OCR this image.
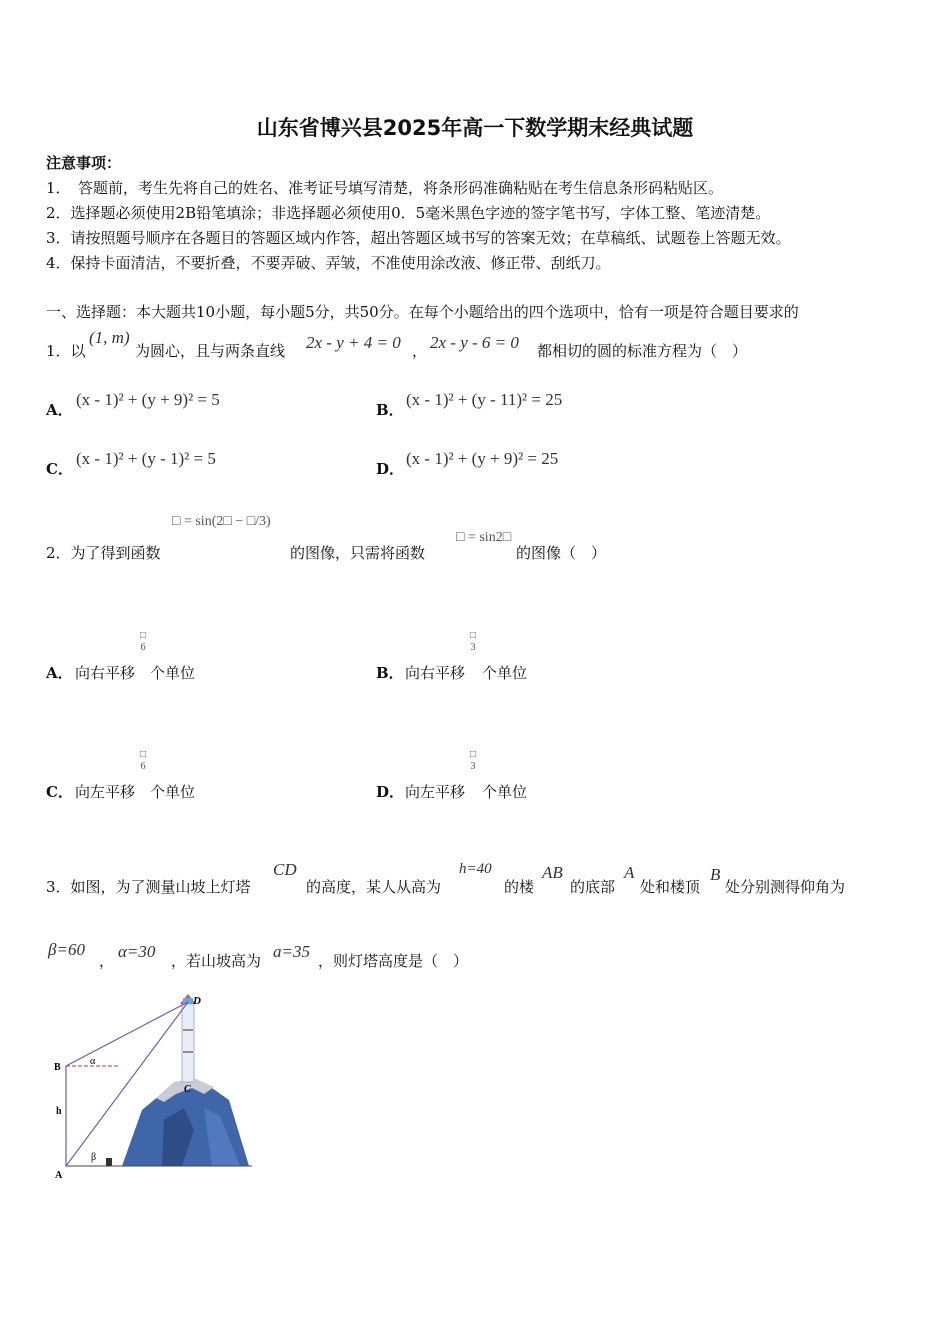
山东省博兴县2025年高一下数学期末经典试题
注意事项：
1．　答题前，考生先将自己的姓名、准考证号填写清楚，将条形码准确粘贴在考生信息条形码粘贴区。
2．选择题必须使用2B铅笔填涂；非选择题必须使用0．5毫米黑色字迹的签字笔书写，字体工整、笔迹清楚。
3．请按照题号顺序在各题目的答题区域内作答，超出答题区域书写的答案无效；在草稿纸、试题卷上答题无效。
4．保持卡面清洁，不要折叠，不要弄破、弄皱，不准使用涂改液、修正带、刮纸刀。
一、选择题：本大题共10小题，每小题5分，共50分。在每个小题给出的四个选项中，恰有一项是符合题目要求的
1．以
(1, m)
为圆心，且与两条直线 2x - y + 4 = 0 ， 2x - y - 6 = 0 都相切的圆的标准方程为（　）
A．
(x - 1)² + (y + 9)² = 5
B．
(x - 1)² + (y - 11)² = 25
C．
(x - 1)² + (y - 1)² = 5
D．
(x - 1)² + (y + 9)² = 25
2．为了得到函数
□ = sin(2□ − □/3)
的图像，只需将函数
□ = sin2□
的图像（　）
A． 向右平移
□
6
个单位	B． 向右平移
□
3
个单位
C． 向左平移
□
6
个单位	D． 向左平移
□
3
个单位
3．如图，为了测量山坡上灯塔
CD
的高度，某人从高为
h=40
的楼
AB
的底部
A
处和楼顶
B
处分别测得仰角为
β=60
， α=30 ，若山坡高为 a=35 ，则灯塔高度是（　）
D
B
α
h
C
A
β
